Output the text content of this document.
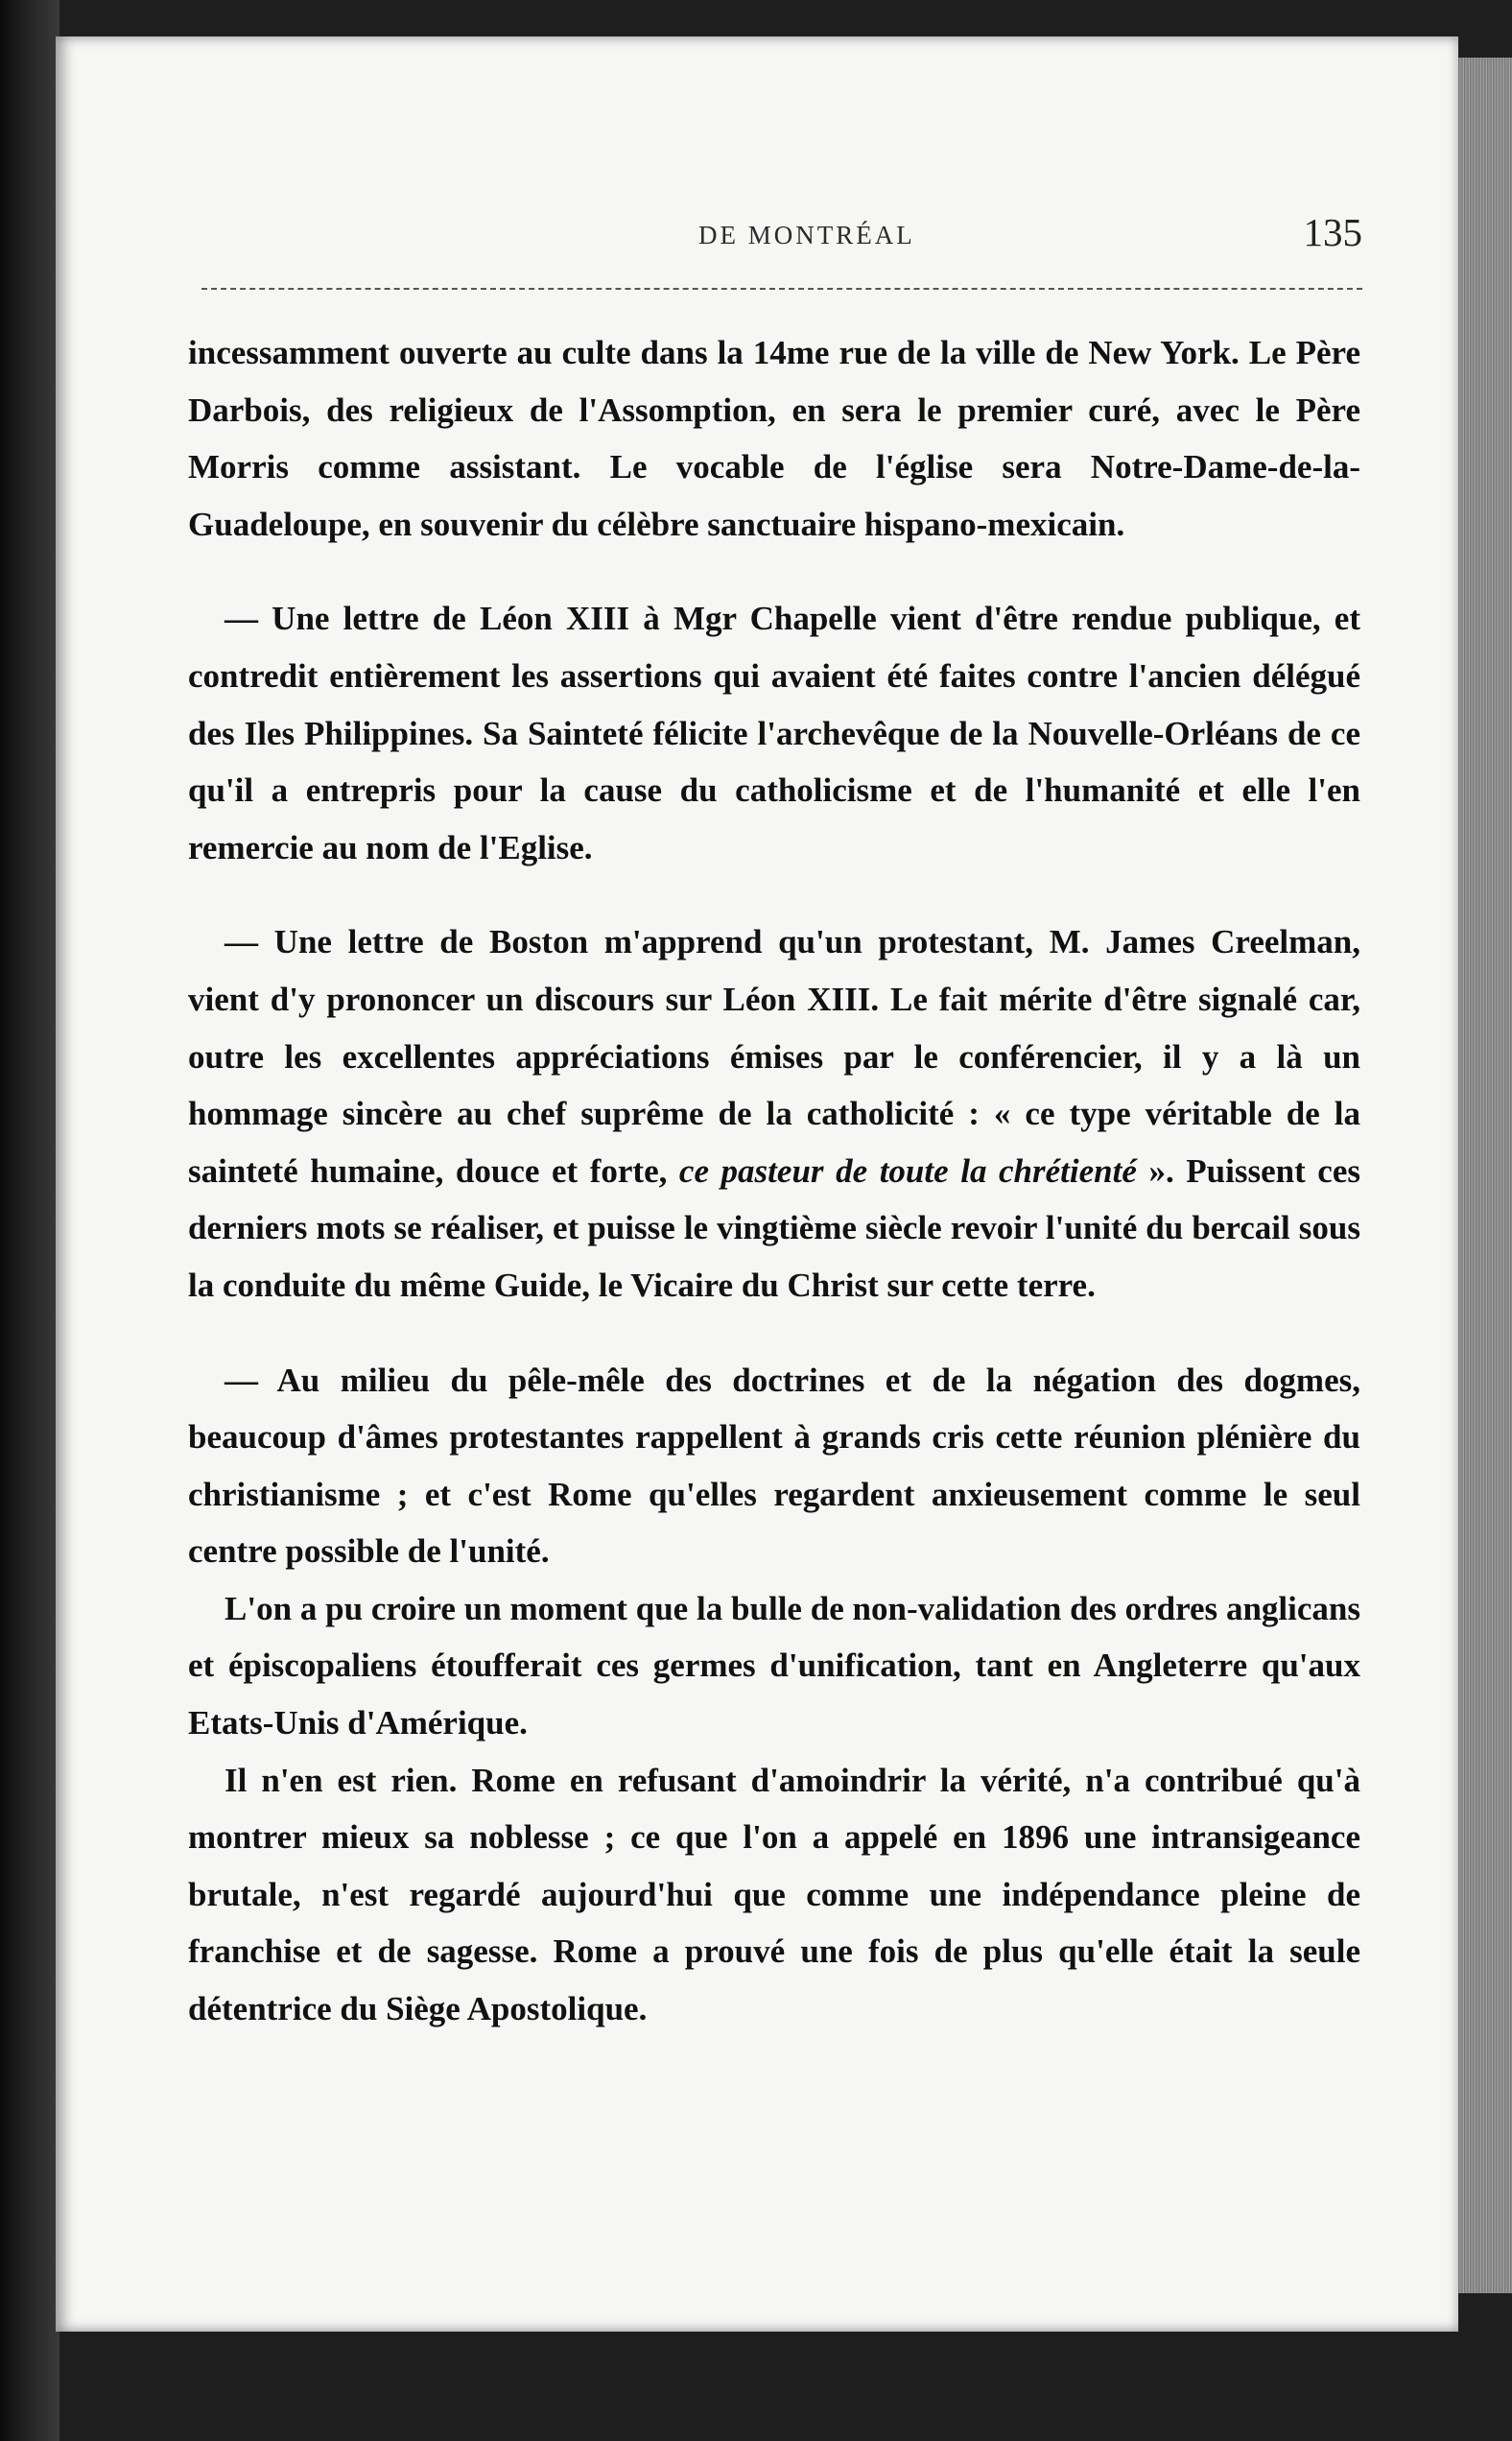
DE MONTRÉAL	135

incessamment ouverte au culte dans la 14me rue de la ville de New York. Le Père Darbois, des religieux de l'Assomption, en sera le premier curé, avec le Père Morris comme assistant. Le vocable de l'église sera Notre-Dame-de-la-Guadeloupe, en souvenir du célèbre sanctuaire hispano-mexicain.

— Une lettre de Léon XIII à Mgr Chapelle vient d'être rendue publique, et contredit entièrement les assertions qui avaient été faites contre l'ancien délégué des Iles Philippines. Sa Sainteté félicite l'archevêque de la Nouvelle-Orléans de ce qu'il a entrepris pour la cause du catholicisme et de l'humanité et elle l'en remercie au nom de l'Eglise.

— Une lettre de Boston m'apprend qu'un protestant, M. James Creelman, vient d'y prononcer un discours sur Léon XIII. Le fait mérite d'être signalé car, outre les excellentes appréciations émises par le conférencier, il y a là un hommage sincère au chef suprême de la catholicité : « ce type véritable de la sainteté humaine, douce et forte, ce pasteur de toute la chrétienté ». Puissent ces derniers mots se réaliser, et puisse le vingtième siècle revoir l'unité du bercail sous la conduite du même Guide, le Vicaire du Christ sur cette terre.

— Au milieu du pêle-mêle des doctrines et de la négation des dogmes, beaucoup d'âmes protestantes rappellent à grands cris cette réunion plénière du christianisme ; et c'est Rome qu'elles regardent anxieusement comme le seul centre possible de l'unité.

L'on a pu croire un moment que la bulle de non-validation des ordres anglicans et épiscopaliens étoufferait ces germes d'unification, tant en Angleterre qu'aux Etats-Unis d'Amérique.

Il n'en est rien. Rome en refusant d'amoindrir la vérité, n'a contribué qu'à montrer mieux sa noblesse ; ce que l'on a appelé en 1896 une intransigeance brutale, n'est regardé aujourd'hui que comme une indépendance pleine de franchise et de sagesse. Rome a prouvé une fois de plus qu'elle était la seule détentrice du Siège Apostolique.
